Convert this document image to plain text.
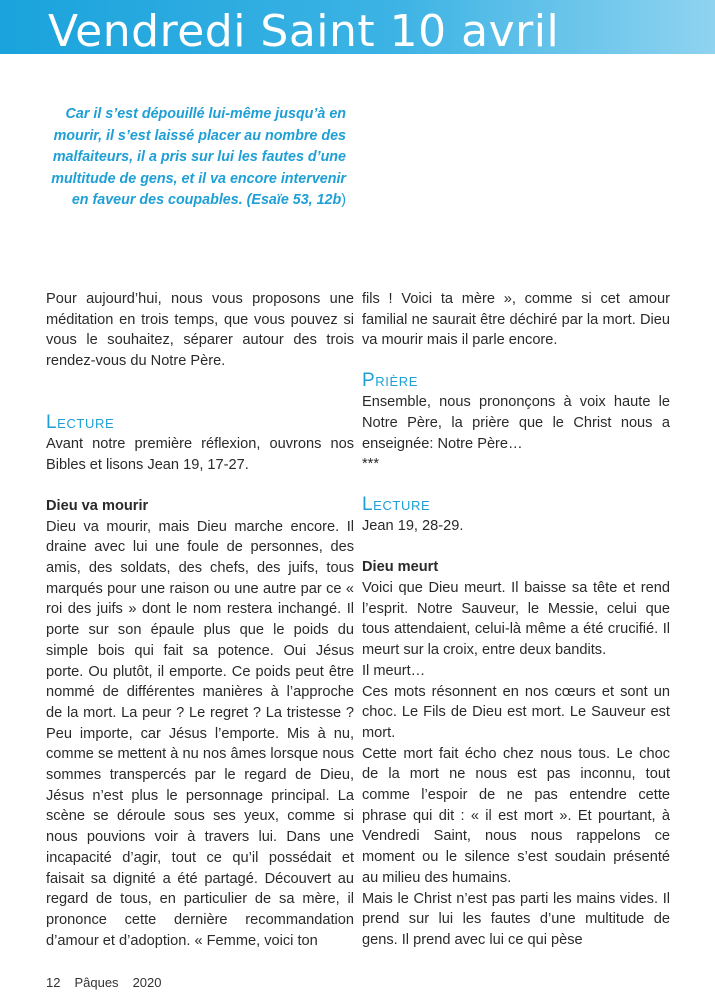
Vendredi Saint 10 avril

Car il s’est dépouillé lui-même jusqu’à en mourir, il s’est laissé placer au nombre des malfaiteurs, il a pris sur lui les fautes d’une multitude de gens, et il va encore intervenir en faveur des coupables. (Esaïe 53, 12b)

Pour aujourd’hui, nous vous proposons une méditation en trois temps, que vous pouvez si vous le souhaitez, séparer autour des trois rendez-vous du Notre Père.

Lecture

Avant notre première réflexion, ouvrons nos Bibles et lisons Jean 19, 17-27.

Dieu va mourir

Dieu va mourir, mais Dieu marche encore. Il draine avec lui une foule de personnes, des amis, des soldats, des chefs, des juifs, tous marqués pour une raison ou une autre par ce « roi des juifs » dont le nom restera inchangé. Il porte sur son épaule plus que le poids du simple bois qui fait sa potence. Oui Jésus porte. Ou plutôt, il emporte. Ce poids peut être nommé de différentes manières à l’approche de la mort. La peur ? Le regret ? La tristesse ? Peu importe, car Jésus l’emporte. Mis à nu, comme se mettent à nu nos âmes lorsque nous sommes transpercés par le regard de Dieu, Jésus n’est plus le personnage principal. La scène se déroule sous ses yeux, comme si nous pouvions voir à travers lui. Dans une incapacité d’agir, tout ce qu’il possédait et faisait sa dignité a été partagé. Découvert au regard de tous, en particulier de sa mère, il prononce cette dernière recommandation d’amour et d’adoption. « Femme, voici ton

fils ! Voici ta mère », comme si cet amour familial ne saurait être déchiré par la mort. Dieu va mourir mais il parle encore.

Prière

Ensemble, nous prononçons à voix haute le Notre Père, la prière que le Christ nous a enseignée: Notre Père…

***

Lecture

Jean 19, 28-29.

Dieu meurt

Voici que Dieu meurt. Il baisse sa tête et rend l’esprit. Notre Sauveur, le Messie, celui que tous attendaient, celui-là même a été crucifié. Il meurt sur la croix, entre deux bandits.

Il meurt…

Ces mots résonnent en nos cœurs et sont un choc. Le Fils de Dieu est mort. Le Sauveur est mort.

Cette mort fait écho chez nous tous. Le choc de la mort ne nous est pas inconnu, tout comme l’espoir de ne pas entendre cette phrase qui dit : « il est mort ». Et pourtant, à Vendredi Saint, nous nous rappelons ce moment ou le silence s’est soudain présenté au milieu des humains.

Mais le Christ n’est pas parti les mains vides. Il prend sur lui les fautes d’une multitude de gens. Il prend avec lui ce qui pèse

12 Pâques 2020
